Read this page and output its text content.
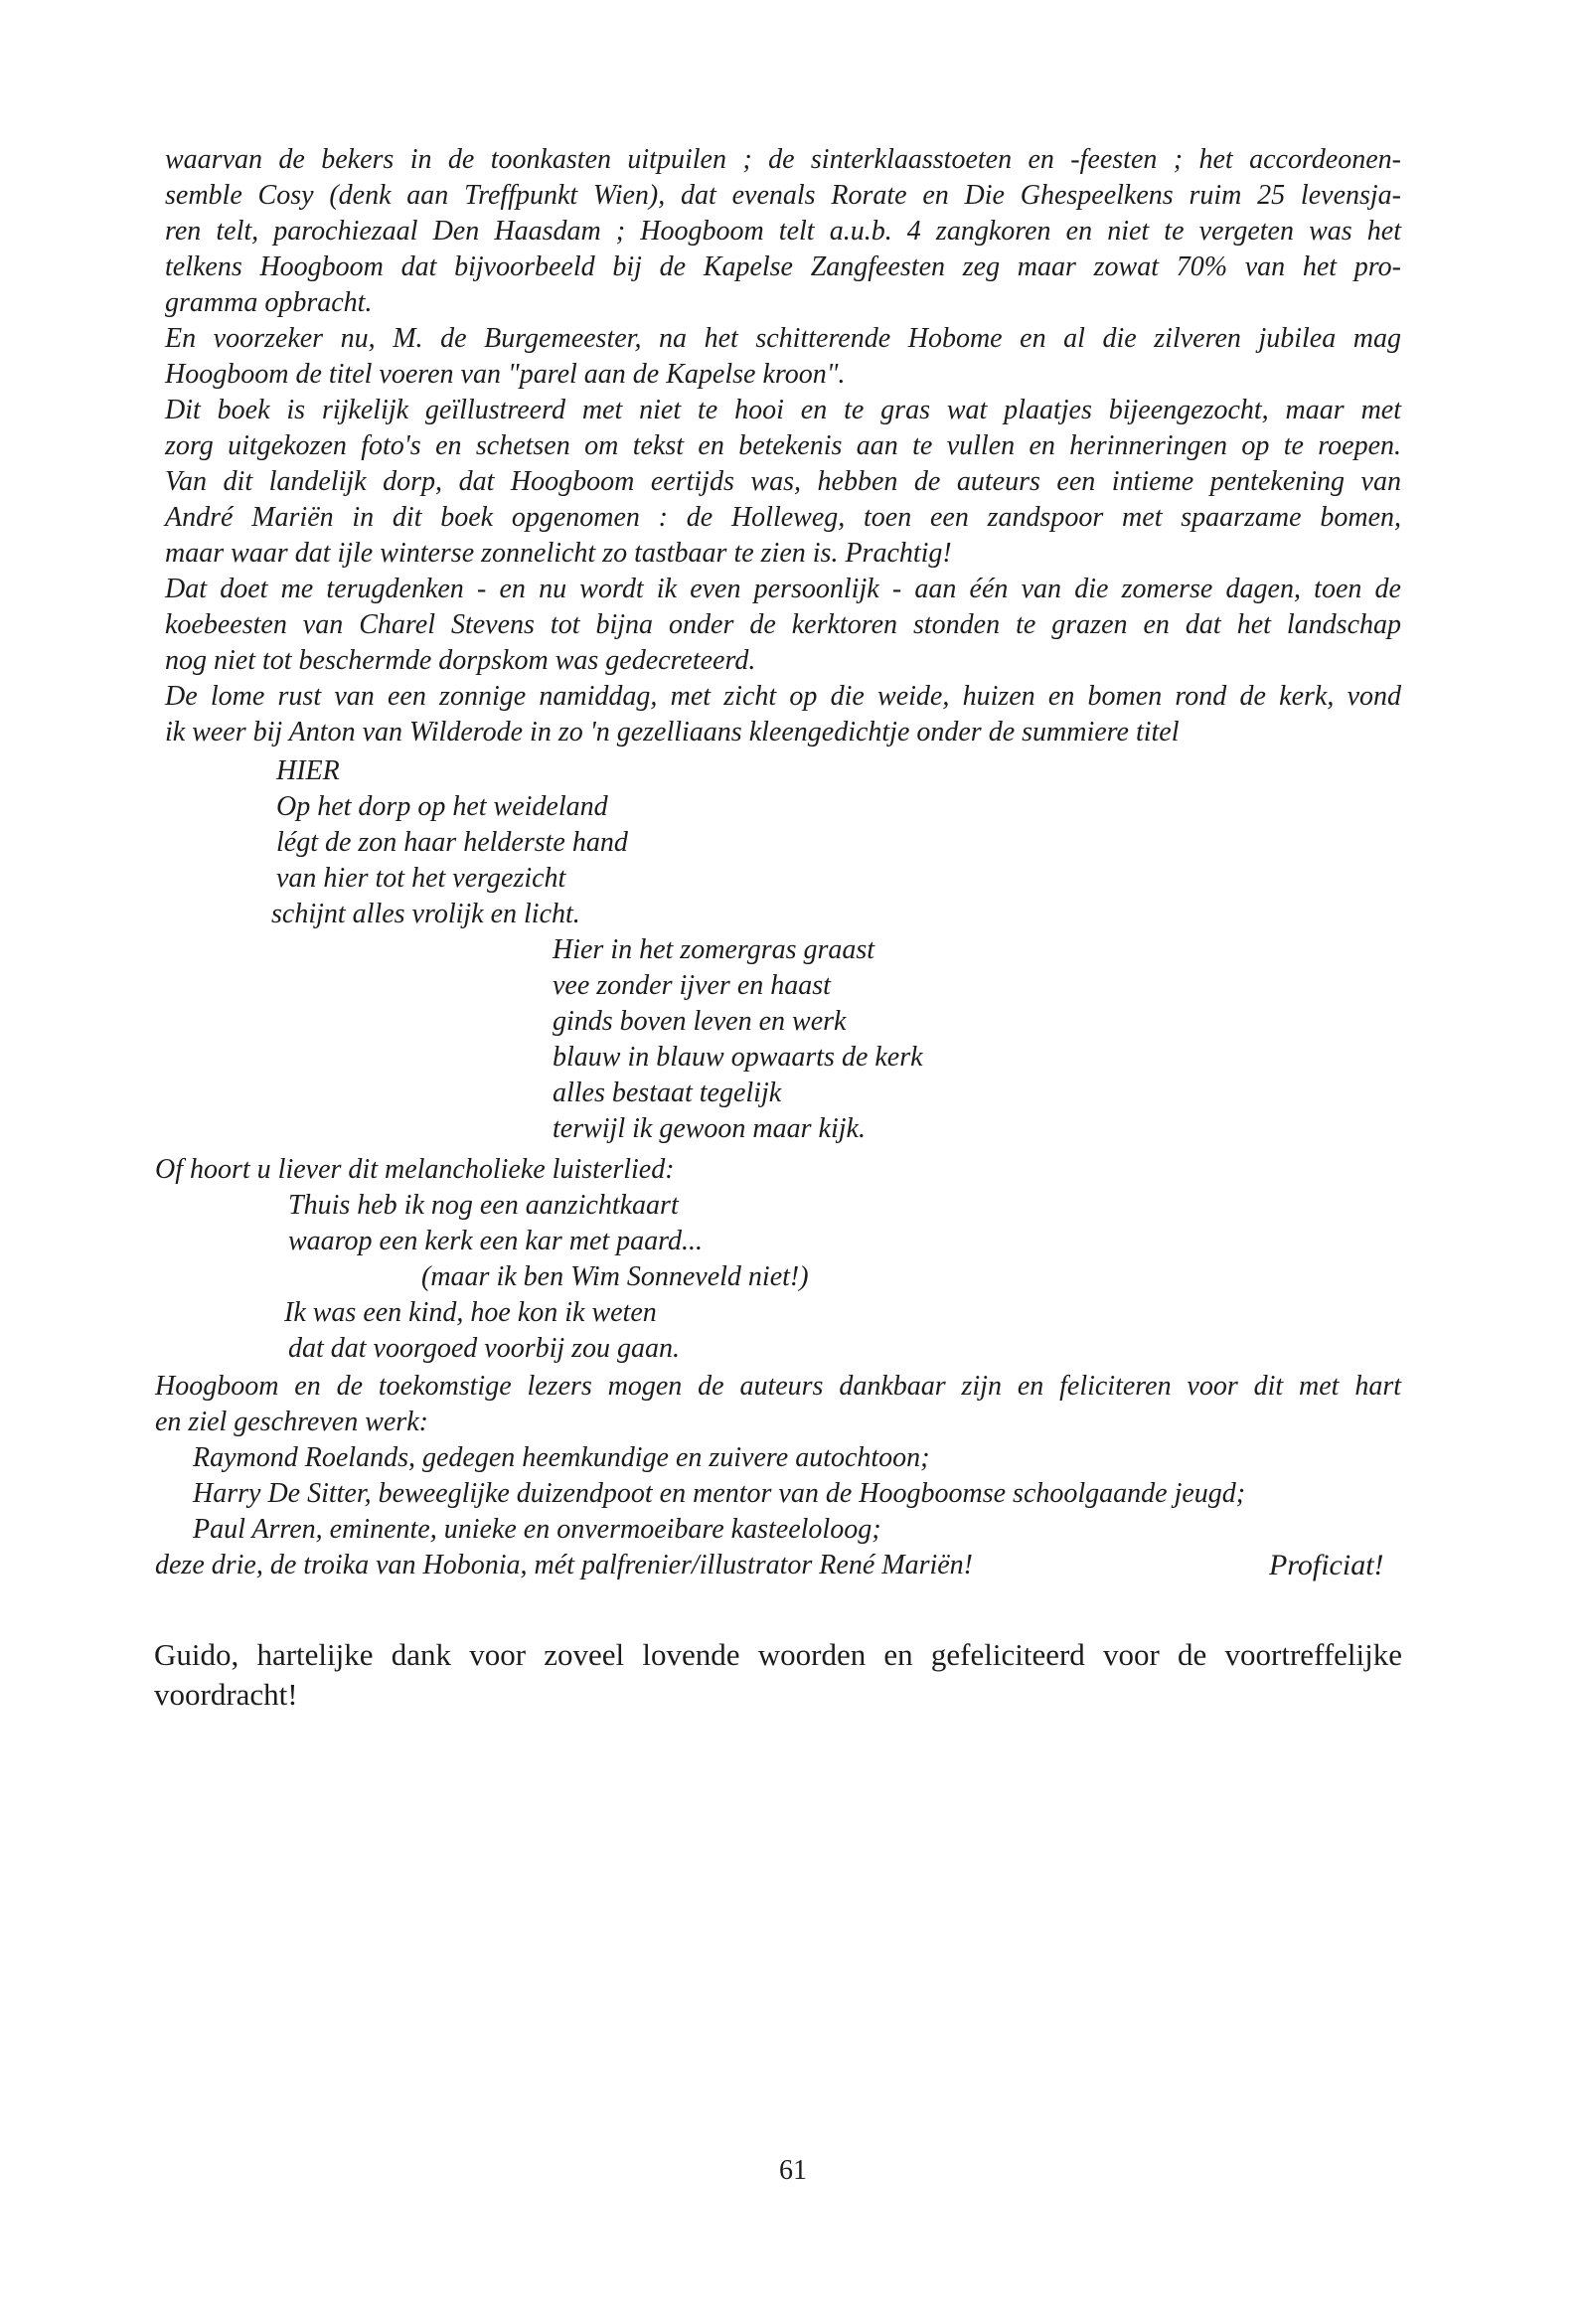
waarvan de bekers in de toonkasten uitpuilen ; de sinterklaasstoeten en -feesten ; het accordeonen-
semble Cosy (denk aan Treffpunkt Wien), dat evenals Rorate en Die Ghespeelkens ruim 25 levensja-
ren telt, parochiezaal Den Haasdam ; Hoogboom telt a.u.b. 4 zangkoren en niet te vergeten was het
telkens Hoogboom dat bijvoorbeeld bij de Kapelse Zangfeesten zeg maar zowat 70% van het pro-
gramma opbracht.
En voorzeker nu, M. de Burgemeester, na het schitterende Hobome en al die zilveren jubilea mag
Hoogboom de titel voeren van "parel aan de Kapelse kroon".
Dit boek is rijkelijk geïllustreerd met niet te hooi en te gras wat plaatjes bijeengezocht, maar met
zorg uitgekozen foto's en schetsen om tekst en betekenis aan te vullen en herinneringen op te roepen.
Van dit landelijk dorp, dat Hoogboom eertijds was, hebben de auteurs een intieme pentekening van
André Mariën in dit boek opgenomen : de Holleweg, toen een zandspoor met spaarzame bomen,
maar waar dat ijle winterse zonnelicht zo tastbaar te zien is. Prachtig!
Dat doet me terugdenken - en nu wordt ik even persoonlijk - aan één van die zomerse dagen, toen de
koebeesten van Charel Stevens tot bijna onder de kerktoren stonden te grazen en dat het landschap
nog niet tot beschermde dorpskom was gedecreteerd.
De lome rust van een zonnige namiddag, met zicht op die weide, huizen en bomen rond de kerk, vond
ik weer bij Anton van Wilderode in zo 'n gezelliaans kleengedichtje onder de summiere titel
HIER
Op het dorp op het weideland
légt de zon haar helderste hand
van hier tot het vergezicht
schijnt alles vrolijk en licht.
Hier in het zomergras graast
vee zonder ijver en haast
ginds boven leven en werk
blauw in blauw opwaarts de kerk
alles bestaat tegelijk
terwijl ik gewoon maar kijk.
Of hoort u liever dit melancholieke luisterlied:
Thuis heb ik nog een aanzichtkaart
waarop een kerk een kar met paard...
(maar ik ben Wim Sonneveld niet!)
Ik was een kind, hoe kon ik weten
dat dat voorgoed voorbij zou gaan.
Hoogboom en de toekomstige lezers mogen de auteurs dankbaar zijn en feliciteren voor dit met hart
en ziel geschreven werk:
Raymond Roelands, gedegen heemkundige en zuivere autochtoon;
Harry De Sitter, beweeglijke duizendpoot en mentor van de Hoogboomse schoolgaande jeugd;
Paul Arren, eminente, unieke en onvermoeibare kasteeloloog;
deze drie, de troika van Hobonia, mét palfrenier/illustrator René Mariën!	Proficiat!
Guido, hartelijke dank voor zoveel lovende woorden en gefeliciteerd voor de voortreffelijke
voordracht!
61
